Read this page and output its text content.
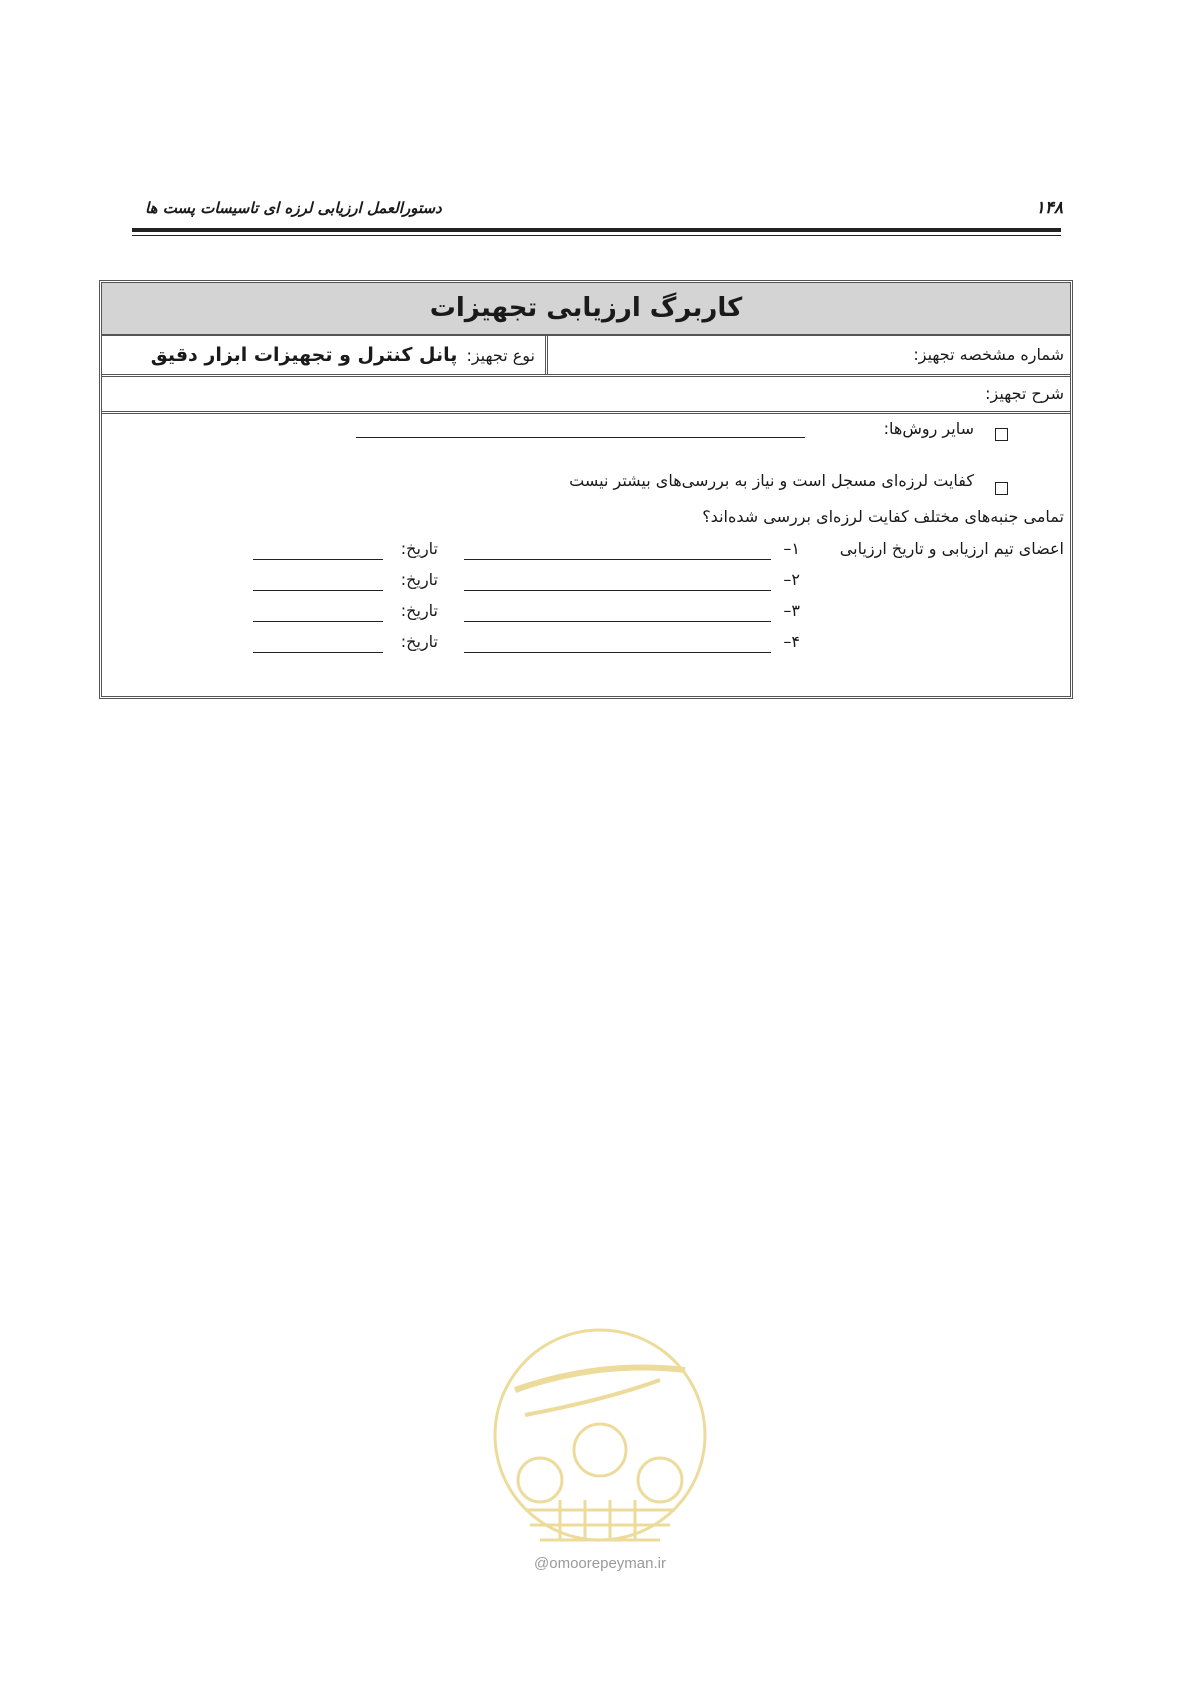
۱۴۸
دستورالعمل ارزیابی لرزه ای تاسیسات پست ها
کاربرگ ارزیابی تجهیزات
شماره مشخصه تجهیز:
نوع تجهیز: پانل کنترل و تجهیزات ابزار دقیق
شرح تجهیز:
سایر روش‌ها:
کفایت لرزه‌ای مسجل است و نیاز به بررسی‌های بیشتر نیست
تمامی جنبه‌های مختلف کفایت لرزه‌ای بررسی شده‌اند؟
اعضای تیم ارزیابی و تاریخ ارزیابی
۱–
تاریخ:
۲–
تاریخ:
۳–
تاریخ:
۴–
تاریخ:
@omoorepeyman.ir
